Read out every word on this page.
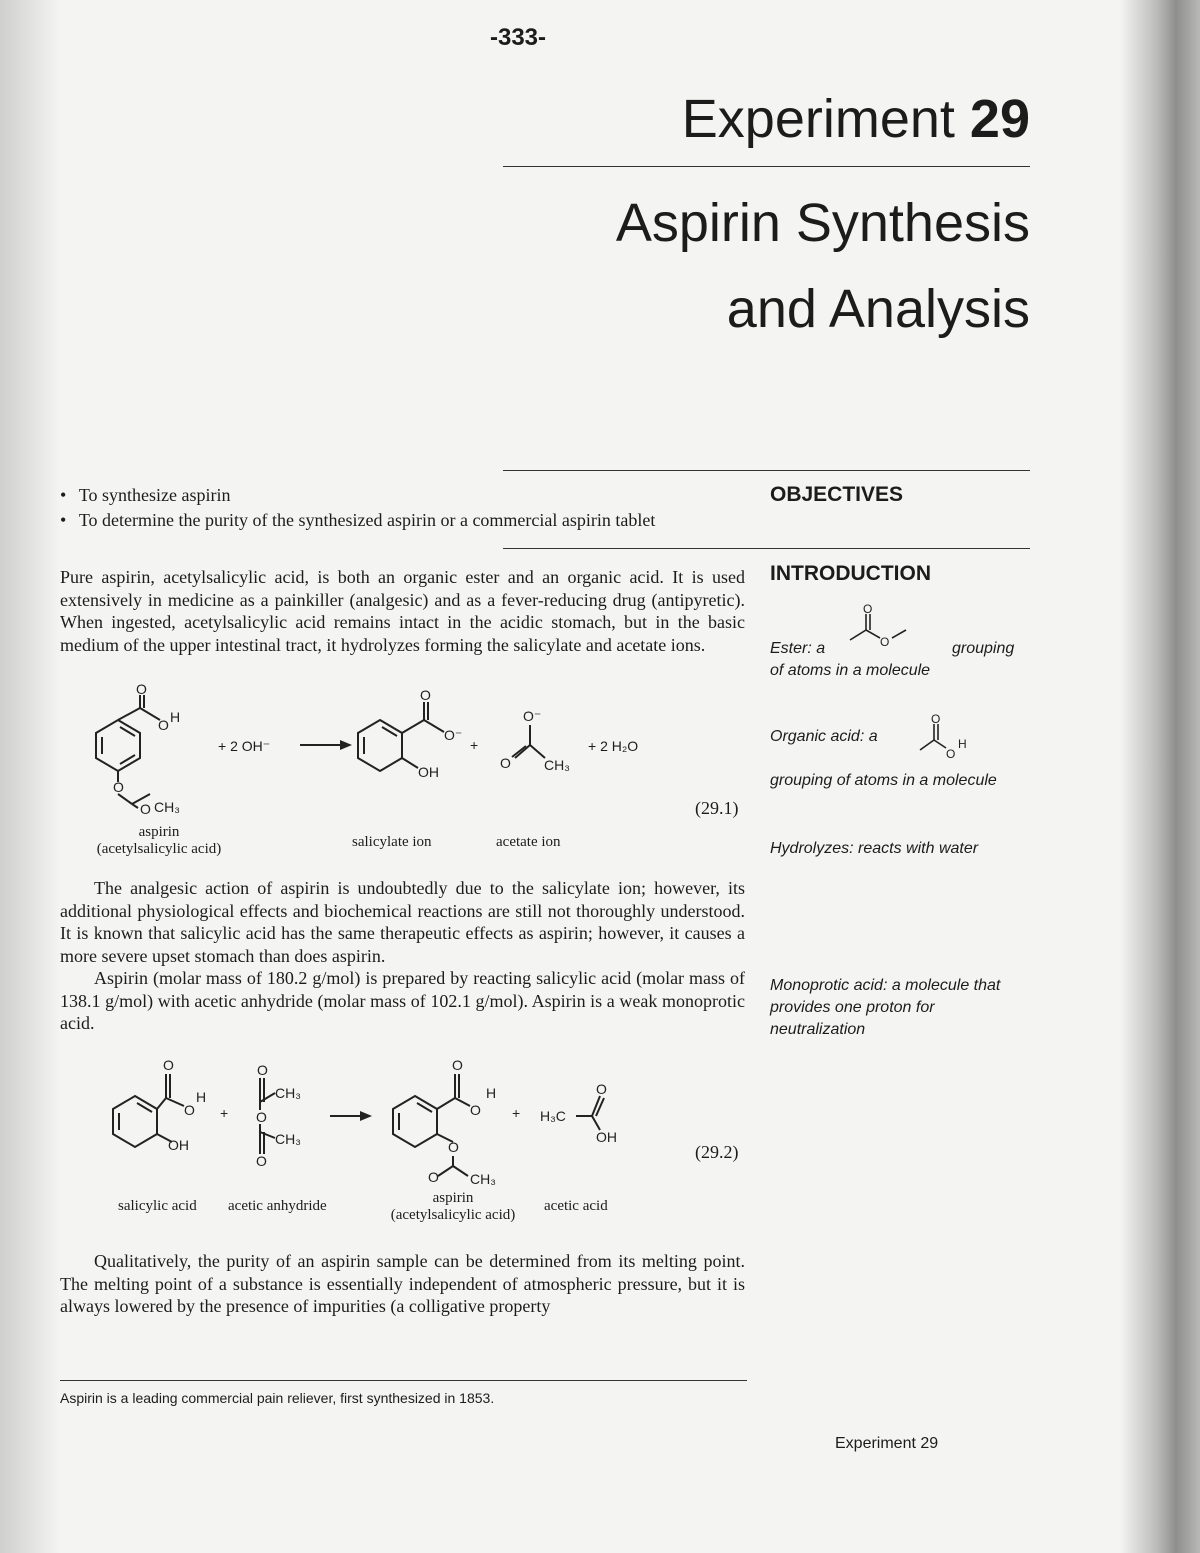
-333-
Experiment 29
Aspirin Synthesis
and Analysis
OBJECTIVES
• To synthesize aspirin
• To determine the purity of the synthesized aspirin or a commercial aspirin tablet
INTRODUCTION

Pure aspirin, acetylsalicylic acid, is both an organic ester and an organic acid. It is used extensively in medicine as a painkiller (analgesic) and as a fever-reducing drug (antipyretic). When ingested, acetylsalicylic acid remains intact in the acidic stomach, but in the basic medium of the upper intestinal tract, it hydrolyzes forming the salicylate and acetate ions.

O
O H
O
O CH₃
O
O⁻
OH
O⁻
O CH₃
+
+ 2 OH⁻	+ 2 H₂O
aspirin
(acetylsalicylic acid)	salicylate ion	acetate ion
(29.1)

The analgesic action of aspirin is undoubtedly due to the salicylate ion; however, its additional physiological effects and biochemical reactions are still not thoroughly understood. It is known that salicylic acid has the same therapeutic effects as aspirin; however, it causes a more severe upset stomach than does aspirin.

Aspirin (molar mass of 180.2 g/mol) is prepared by reacting salicylic acid (molar mass of 138.1 g/mol) with acetic anhydride (molar mass of 102.1 g/mol). Aspirin is a weak monoprotic acid.

O
O
H
OH
+
O
CH₃
O
CH₃
O
O
O
H
O
O CH₃
+ H₃C
O
OH
salicylic acid acetic anhydride	aspirin
(acetylsalicylic acid)
acetic acid
(29.2)

Qualitatively, the purity of an aspirin sample can be determined from its melting point. The melting point of a substance is essentially independent of atmospheric pressure, but it is always lowered by the presence of impurities (a colligative property

O
O
Ester: a	grouping
of atoms in a molecule
O
O
H
Organic acid: a
grouping of atoms in a molecule
Hydrolyzes: reacts with water
Monoprotic acid: a molecule that provides one proton for neutralization
Aspirin is a leading commercial pain reliever, first synthesized in 1853.
Experiment 29
